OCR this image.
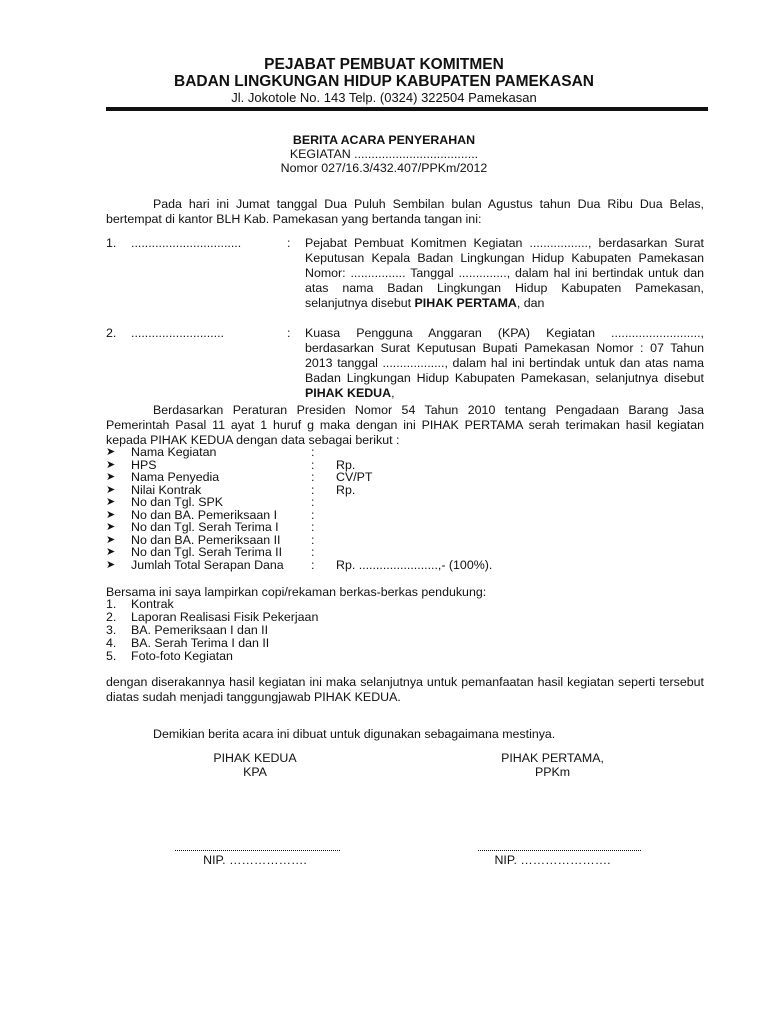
PEJABAT PEMBUAT KOMITMEN
BADAN LINGKUNGAN HIDUP KABUPATEN PAMEKASAN
Jl. Jokotole No. 143 Telp. (0324) 322504 Pamekasan
BERITA ACARA PENYERAHAN
KEGIATAN ....................................
Nomor 027/16.3/432.407/PPKm/2012
Pada hari ini Jumat tanggal Dua Puluh Sembilan bulan Agustus tahun Dua Ribu Dua Belas, bertempat di kantor BLH Kab. Pamekasan yang bertanda tangan ini:
1. ................................	: Pejabat Pembuat Komitmen Kegiatan ................., berdasarkan Surat Keputusan Kepala Badan Lingkungan Hidup Kabupaten Pamekasan Nomor: ................ Tanggal .............., dalam hal ini bertindak untuk dan atas nama Badan Lingkungan Hidup Kabupaten Pamekasan, selanjutnya disebut PIHAK PERTAMA, dan
2. ...........................	: Kuasa Pengguna Anggaran (KPA) Kegiatan .........................., berdasarkan Surat Keputusan Bupati Pamekasan Nomor : 07 Tahun 2013 tanggal .................., dalam hal ini bertindak untuk dan atas nama Badan Lingkungan Hidup Kabupaten Pamekasan, selanjutnya disebut PIHAK KEDUA,
Berdasarkan Peraturan Presiden Nomor 54 Tahun 2010 tentang Pengadaan Barang Jasa Pemerintah Pasal 11 ayat 1 huruf g maka dengan ini PIHAK PERTAMA serah terimakan hasil kegiatan kepada PIHAK KEDUA dengan data sebagai berikut :
➤ Nama Kegiatan	:
➤ HPS	: Rp.
➤ Nama Penyedia	: CV/PT
➤ Nilai Kontrak	: Rp.
➤ No dan Tgl. SPK	:
➤ No dan BA. Pemeriksaan I	:
➤ No dan Tgl. Serah Terima I	:
➤ No dan BA. Pemeriksaan II :
➤ No dan Tgl. Serah Terima II :
➤ Jumlah Total Serapan Dana : Rp. .......................,- (100%).
Bersama ini saya lampirkan copi/rekaman berkas-berkas pendukung:
1. Kontrak
2. Laporan Realisasi Fisik Pekerjaan
3. BA. Pemeriksaan I dan II
4. BA. Serah Terima I dan II
5. Foto-foto Kegiatan
dengan diserakannya hasil kegiatan ini maka selanjutnya untuk pemanfaatan hasil kegiatan seperti tersebut diatas sudah menjadi tanggungjawab PIHAK KEDUA.
Demikian berita acara ini dibuat untuk digunakan sebagaimana mestinya.
PIHAK KEDUA
KPA
NIP. ……………….
PIHAK PERTAMA,
PPKm
NIP. ………………….
